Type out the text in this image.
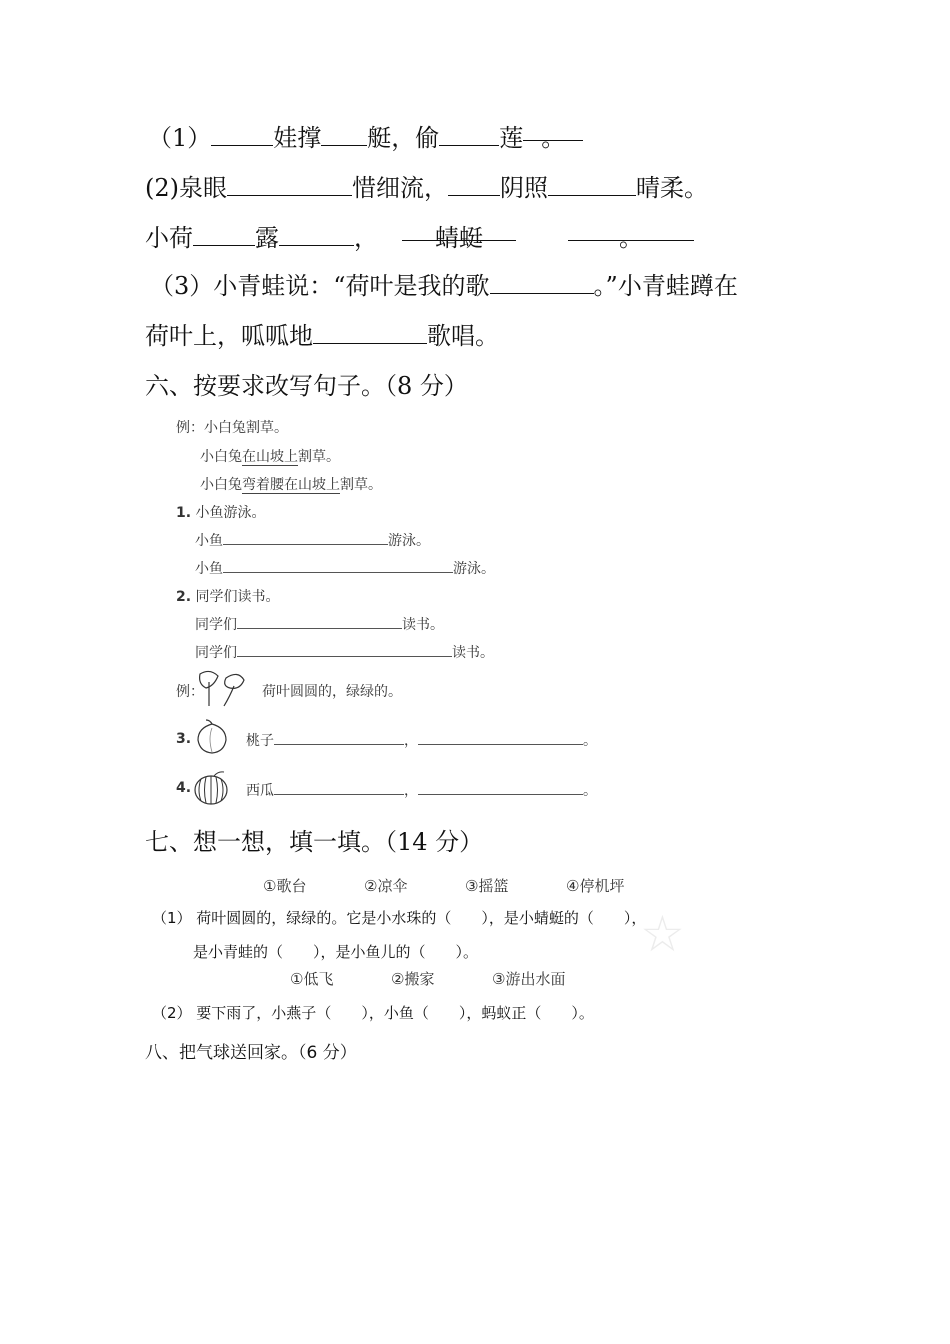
（1）	娃撑 艇，偷	莲 。
(2)泉眼	惜细流， 阴照	晴柔。
小荷	露	，	蜻蜓	。
（3）小青蛙说：“荷叶是我的歌	。”小青蛙蹲在
荷叶上，呱呱地	歌唱。
六、按要求改写句子。（8 分）
例：小白兔割草。
小白兔在山坡上割草。
小白兔弯着腰在山坡上割草。
1. 小鱼游泳。
小鱼	游泳。
小鱼	游泳。
2. 同学们读书。
同学们	读书。
同学们	读书。
例：	荷叶圆圆的，绿绿的。
3.	桃子	，	。
4.	西瓜	，	。
七、想一想，填一填。（14 分）
①歌台	②凉伞	③摇篮	④停机坪
☆
（1） 荷叶圆圆的，绿绿的。它是小水珠的（　　），是小蜻蜓的（　　），
是小青蛙的（　　），是小鱼儿的（　　）。
①低飞	②搬家	③游出水面
（2） 要下雨了，小燕子（　　），小鱼（　　），蚂蚁正（　　）。
八、把气球送回家。（6 分）
